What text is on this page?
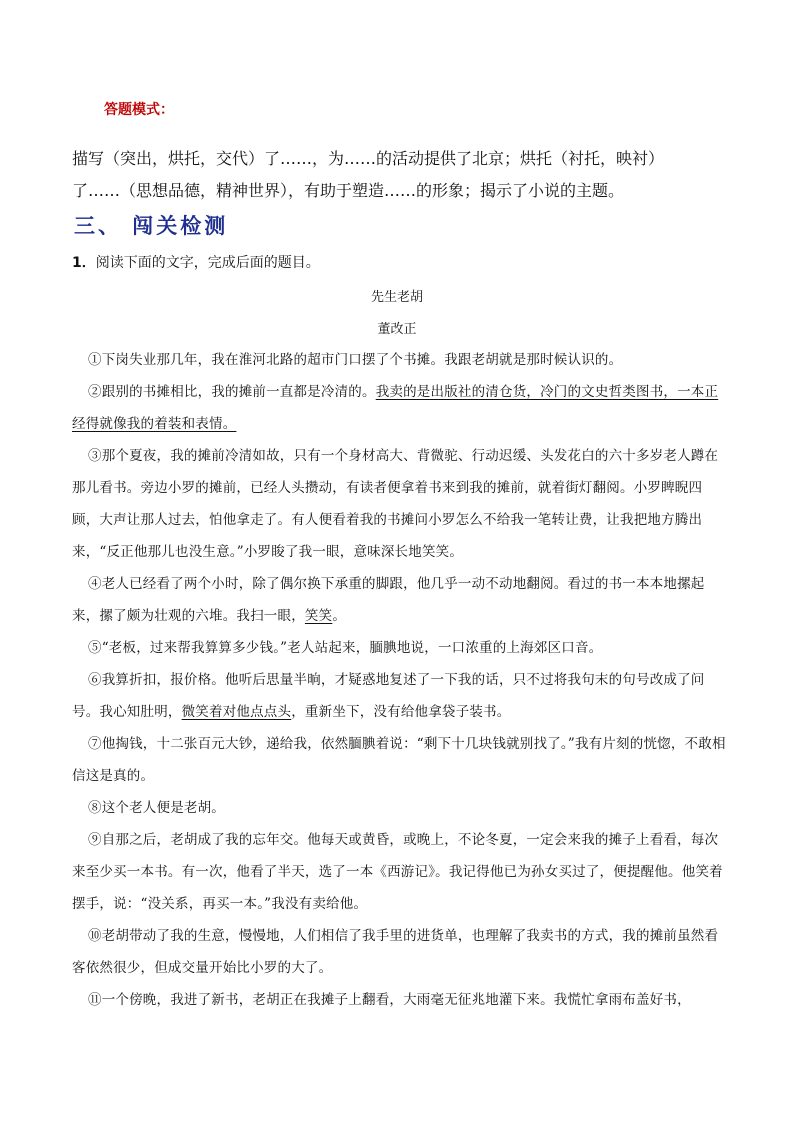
答题模式：
描写（突出，烘托，交代）了……，为……的活动提供了北京；烘托（衬托，映衬）
了……（思想品德，精神世界），有助于塑造……的形象；揭示了小说的主题。
三、 闯关检测
1．阅读下面的文字，完成后面的题目。
先生老胡
董改正

①下岗失业那几年，我在淮河北路的超市门口摆了个书摊。我跟老胡就是那时候认识的。

②跟别的书摊相比，我的摊前一直都是冷清的。我卖的是出版社的清仓货，冷门的文史哲类图书，一本正经得就像我的着装和表情。

③那个夏夜，我的摊前冷清如故，只有一个身材高大、背微驼、行动迟缓、头发花白的六十多岁老人蹲在那儿看书。旁边小罗的摊前，已经人头攒动，有读者便拿着书来到我的摊前，就着街灯翻阅。小罗睥睨四顾，大声让那人过去，怕他拿走了。有人便看着我的书摊问小罗怎么不给我一笔转让费，让我把地方腾出来，“反正他那儿也没生意。”小罗睃了我一眼，意味深长地笑笑。

④老人已经看了两个小时，除了偶尔换下承重的脚跟，他几乎一动不动地翻阅。看过的书一本本地摞起来，摞了颇为壮观的六堆。我扫一眼，笑笑。

⑤“老板，过来帮我算算多少钱。”老人站起来，腼腆地说，一口浓重的上海郊区口音。

⑥我算折扣，报价格。他听后思量半晌，才疑惑地复述了一下我的话，只不过将我句末的句号改成了问号。我心知肚明，微笑着对他点点头，重新坐下，没有给他拿袋子装书。

⑦他掏钱，十二张百元大钞，递给我，依然腼腆着说：“剩下十几块钱就别找了。”我有片刻的恍惚，不敢相信这是真的。

⑧这个老人便是老胡。

⑨自那之后，老胡成了我的忘年交。他每天或黄昏，或晚上，不论冬夏，一定会来我的摊子上看看，每次来至少买一本书。有一次，他看了半天，选了一本《西游记》。我记得他已为孙女买过了，便提醒他。他笑着摆手，说：“没关系，再买一本。”我没有卖给他。

⑩老胡带动了我的生意，慢慢地，人们相信了我手里的进货单，也理解了我卖书的方式，我的摊前虽然看客依然很少，但成交量开始比小罗的大了。

⑪一个傍晚，我进了新书，老胡正在我摊子上翻看，大雨毫无征兆地灌下来。我慌忙拿雨布盖好书，
